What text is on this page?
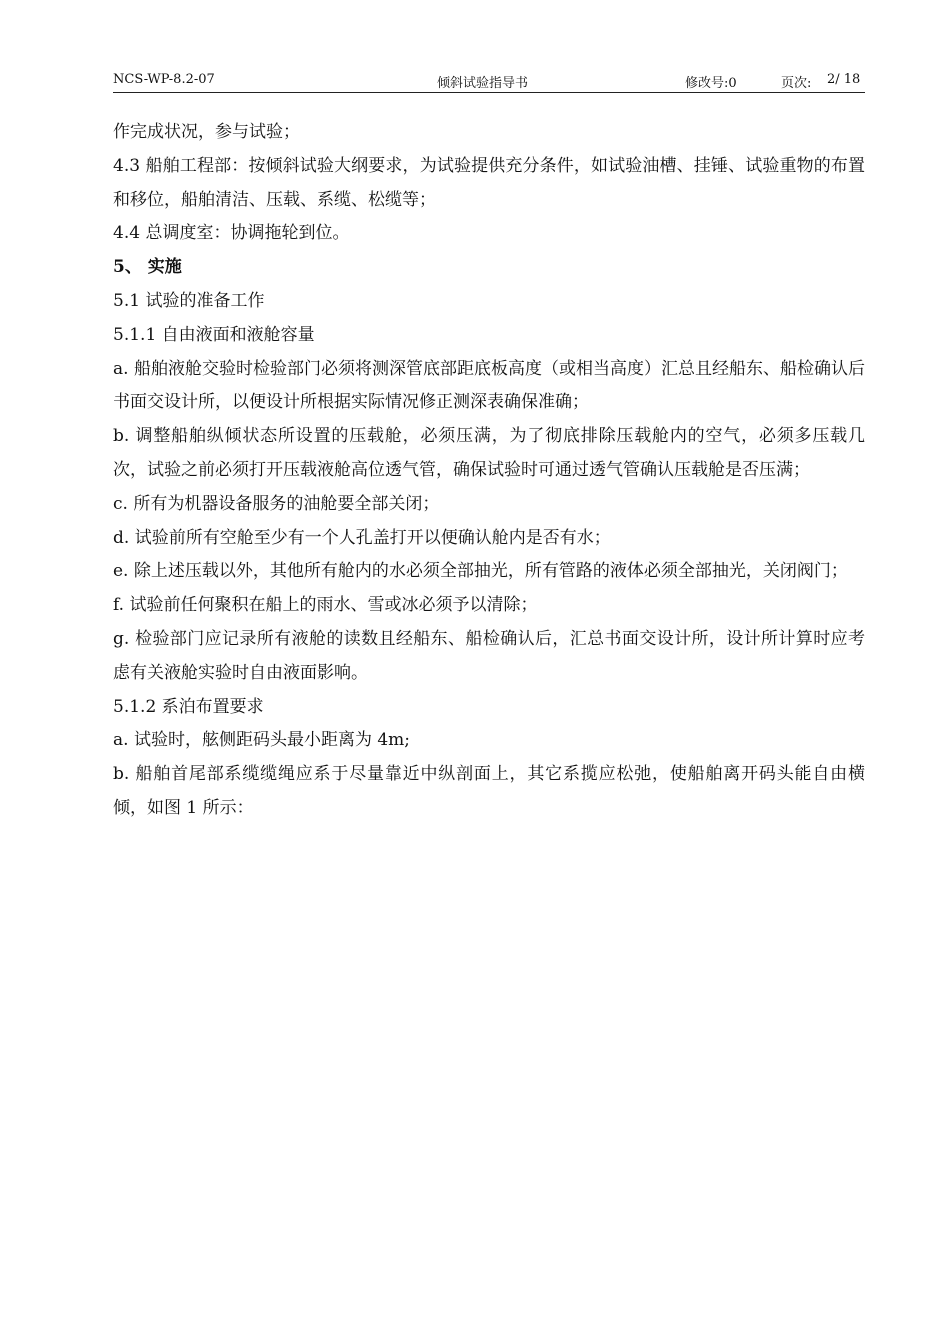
NCS-WP-8.2-07	倾斜试验指导书	修改号:0	页次: 2/ 18

作完成状况，参与试验；

4.3 船舶工程部：按倾斜试验大纲要求，为试验提供充分条件，如试验油槽、挂锤、试验重物的布置和移位，船舶清洁、压载、系缆、松缆等；

4.4 总调度室：协调拖轮到位。

5、 实施

5.1 试验的准备工作

5.1.1 自由液面和液舱容量

a. 船舶液舱交验时检验部门必须将测深管底部距底板高度（或相当高度）汇总且经船东、船检确认后书面交设计所，以便设计所根据实际情况修正测深表确保准确；

b. 调整船舶纵倾状态所设置的压载舱，必须压满，为了彻底排除压载舱内的空气，必须多压载几次，试验之前必须打开压载液舱高位透气管，确保试验时可通过透气管确认压载舱是否压满；

c. 所有为机器设备服务的油舱要全部关闭；

d. 试验前所有空舱至少有一个人孔盖打开以便确认舱内是否有水；

e. 除上述压载以外，其他所有舱内的水必须全部抽光，所有管路的液体必须全部抽光，关闭阀门；

f. 试验前任何聚积在船上的雨水、雪或冰必须予以清除；

g. 检验部门应记录所有液舱的读数且经船东、船检确认后，汇总书面交设计所，设计所计算时应考虑有关液舱实验时自由液面影响。

5.1.2 系泊布置要求

a. 试验时，舷侧距码头最小距离为 4m;

b. 船舶首尾部系缆缆绳应系于尽量靠近中纵剖面上，其它系揽应松弛，使船舶离开码头能自由横倾，如图 1 所示：
